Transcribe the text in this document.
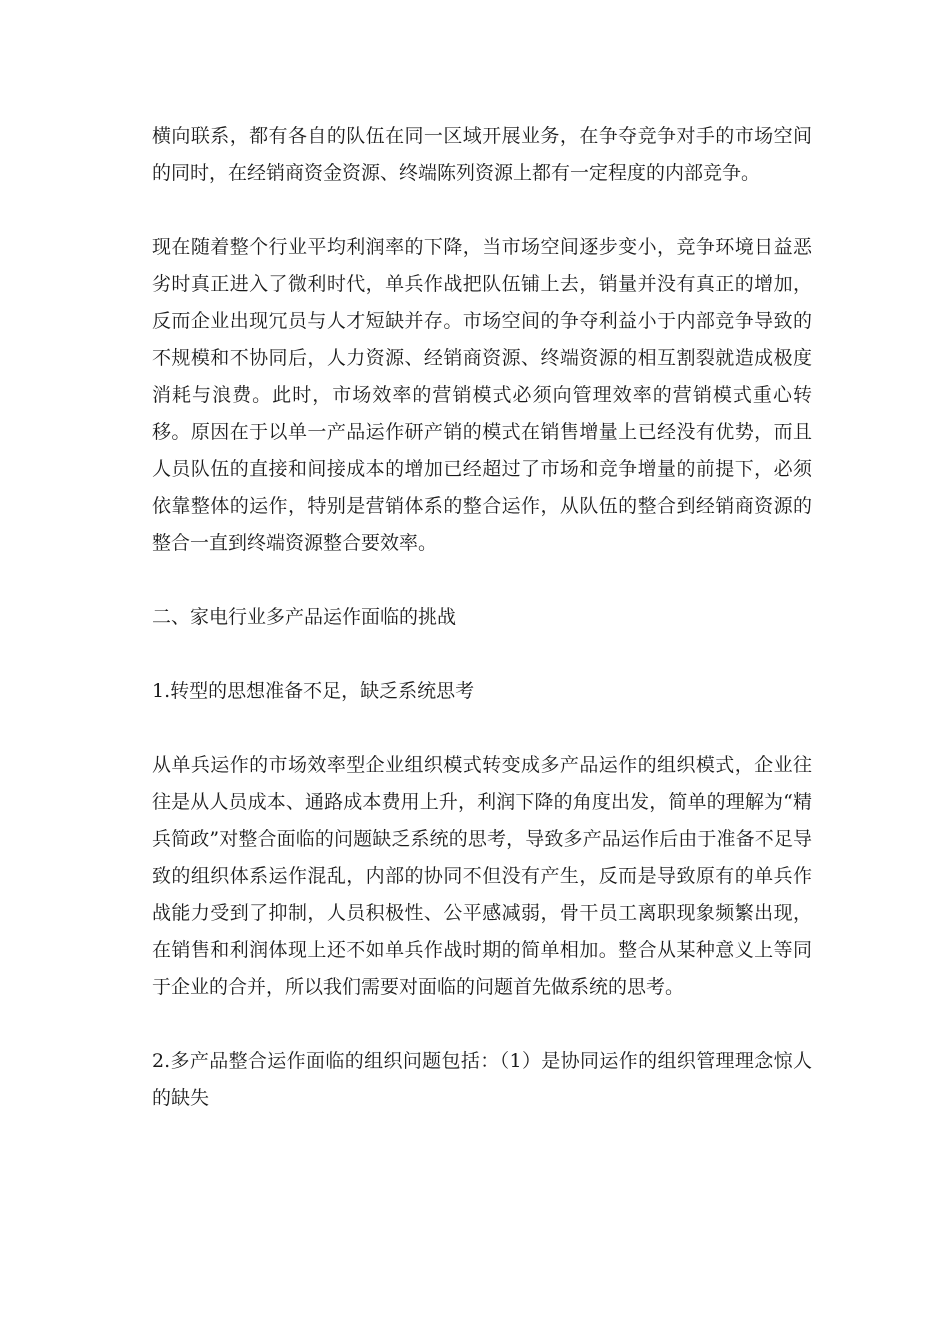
横向联系，都有各自的队伍在同一区域开展业务，在争夺竞争对手的市场空间的同时，在经销商资金资源、终端陈列资源上都有一定程度的内部竞争。

现在随着整个行业平均利润率的下降，当市场空间逐步变小，竞争环境日益恶劣时真正进入了微利时代，单兵作战把队伍铺上去，销量并没有真正的增加，反而企业出现冗员与人才短缺并存。市场空间的争夺利益小于内部竞争导致的不规模和不协同后，人力资源、经销商资源、终端资源的相互割裂就造成极度消耗与浪费。此时，市场效率的营销模式必须向管理效率的营销模式重心转移。原因在于以单一产品运作研产销的模式在销售增量上已经没有优势，而且人员队伍的直接和间接成本的增加已经超过了市场和竞争增量的前提下，必须依靠整体的运作，特别是营销体系的整合运作，从队伍的整合到经销商资源的整合一直到终端资源整合要效率。

二、家电行业多产品运作面临的挑战

1.转型的思想准备不足，缺乏系统思考

从单兵运作的市场效率型企业组织模式转变成多产品运作的组织模式，企业往往是从人员成本、通路成本费用上升，利润下降的角度出发，简单的理解为“精兵简政”对整合面临的问题缺乏系统的思考，导致多产品运作后由于准备不足导致的组织体系运作混乱，内部的协同不但没有产生，反而是导致原有的单兵作战能力受到了抑制，人员积极性、公平感减弱，骨干员工离职现象频繁出现，在销售和利润体现上还不如单兵作战时期的简单相加。整合从某种意义上等同于企业的合并，所以我们需要对面临的问题首先做系统的思考。

2.多产品整合运作面临的组织问题包括：（1）是协同运作的组织管理理念惊人的缺失
